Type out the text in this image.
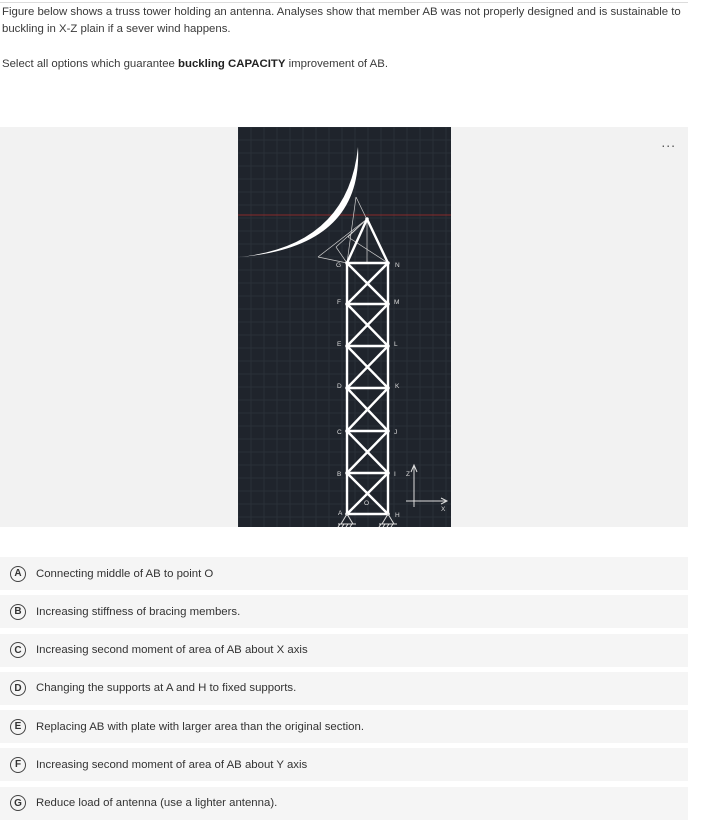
Figure below shows a truss tower holding an antenna. Analyses show that member AB was not properly designed and is sustainable to buckling in X-Z plain if a sever wind happens.

Select all options which guarantee buckling CAPACITY improvement of AB.

...
A
B
C
D
E
F
G
H
I
J
K
L
M
N
O
Z
X
A	Connecting middle of AB to point O
B	Increasing stiffness of bracing members.
C	Increasing second moment of area of AB about X axis
D	Changing the supports at A and H to fixed supports.
E	Replacing AB with plate with larger area than the original section.
F	Increasing second moment of area of AB about Y axis
G	Reduce load of antenna (use a lighter antenna).
